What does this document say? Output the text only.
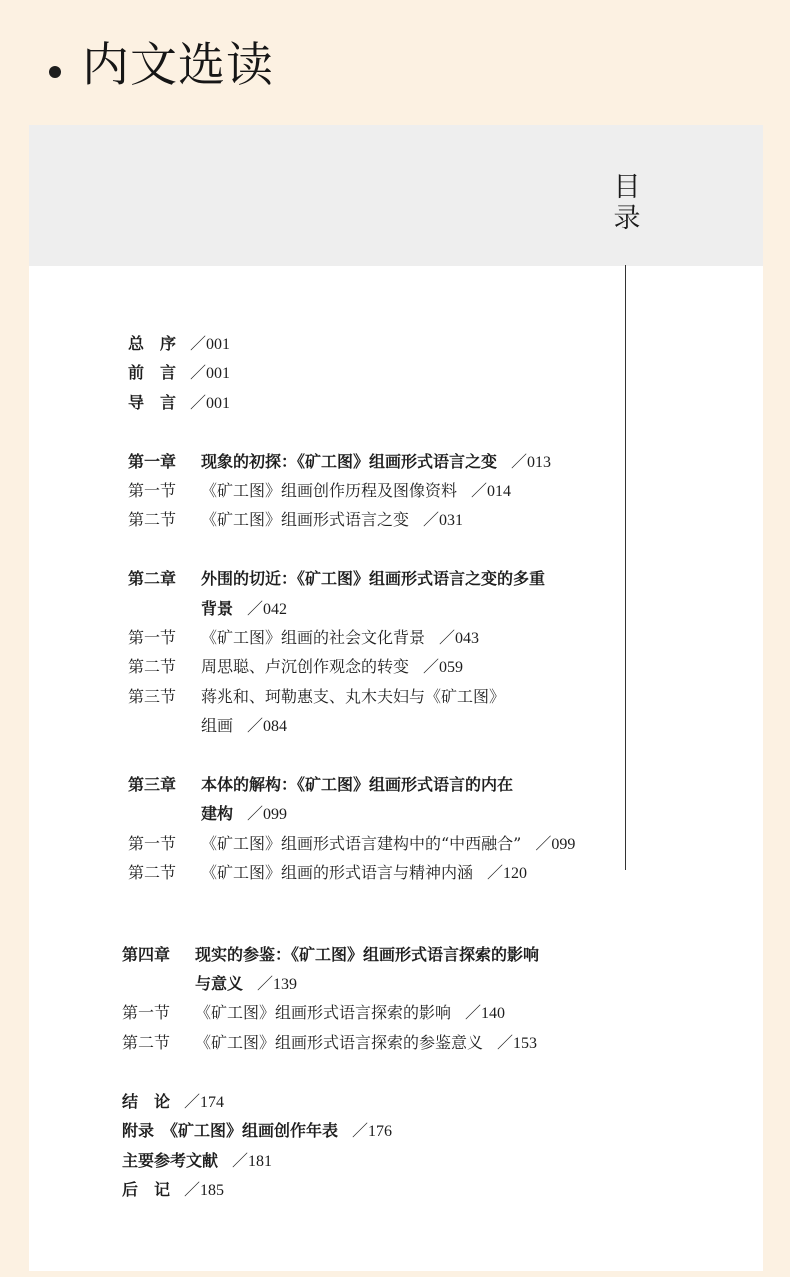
内文选读
目
录
总　序 ／001
前　言 ／001
导　言 ／001
第一章 现象的初探：《矿工图》组画形式语言之变 ／013
第一节 《矿工图》组画创作历程及图像资料 ／014
第二节 《矿工图》组画形式语言之变 ／031
第二章 外围的切近：《矿工图》组画形式语言之变的多重
背景 ／042
第一节 《矿工图》组画的社会文化背景 ／043
第二节 周思聪、卢沉创作观念的转变 ／059
第三节 蒋兆和、珂勒惠支、丸木夫妇与《矿工图》
组画 ／084
第三章 本体的解构：《矿工图》组画形式语言的内在
建构 ／099
第一节 《矿工图》组画形式语言建构中的“中西融合” ／099
第二节 《矿工图》组画的形式语言与精神内涵 ／120
第四章 现实的参鉴：《矿工图》组画形式语言探索的影响
与意义 ／139
第一节 《矿工图》组画形式语言探索的影响 ／140
第二节 《矿工图》组画形式语言探索的参鉴意义 ／153
结　论 ／174
附录　《矿工图》组画创作年表 ／176
主要参考文献 ／181
后　记 ／185
